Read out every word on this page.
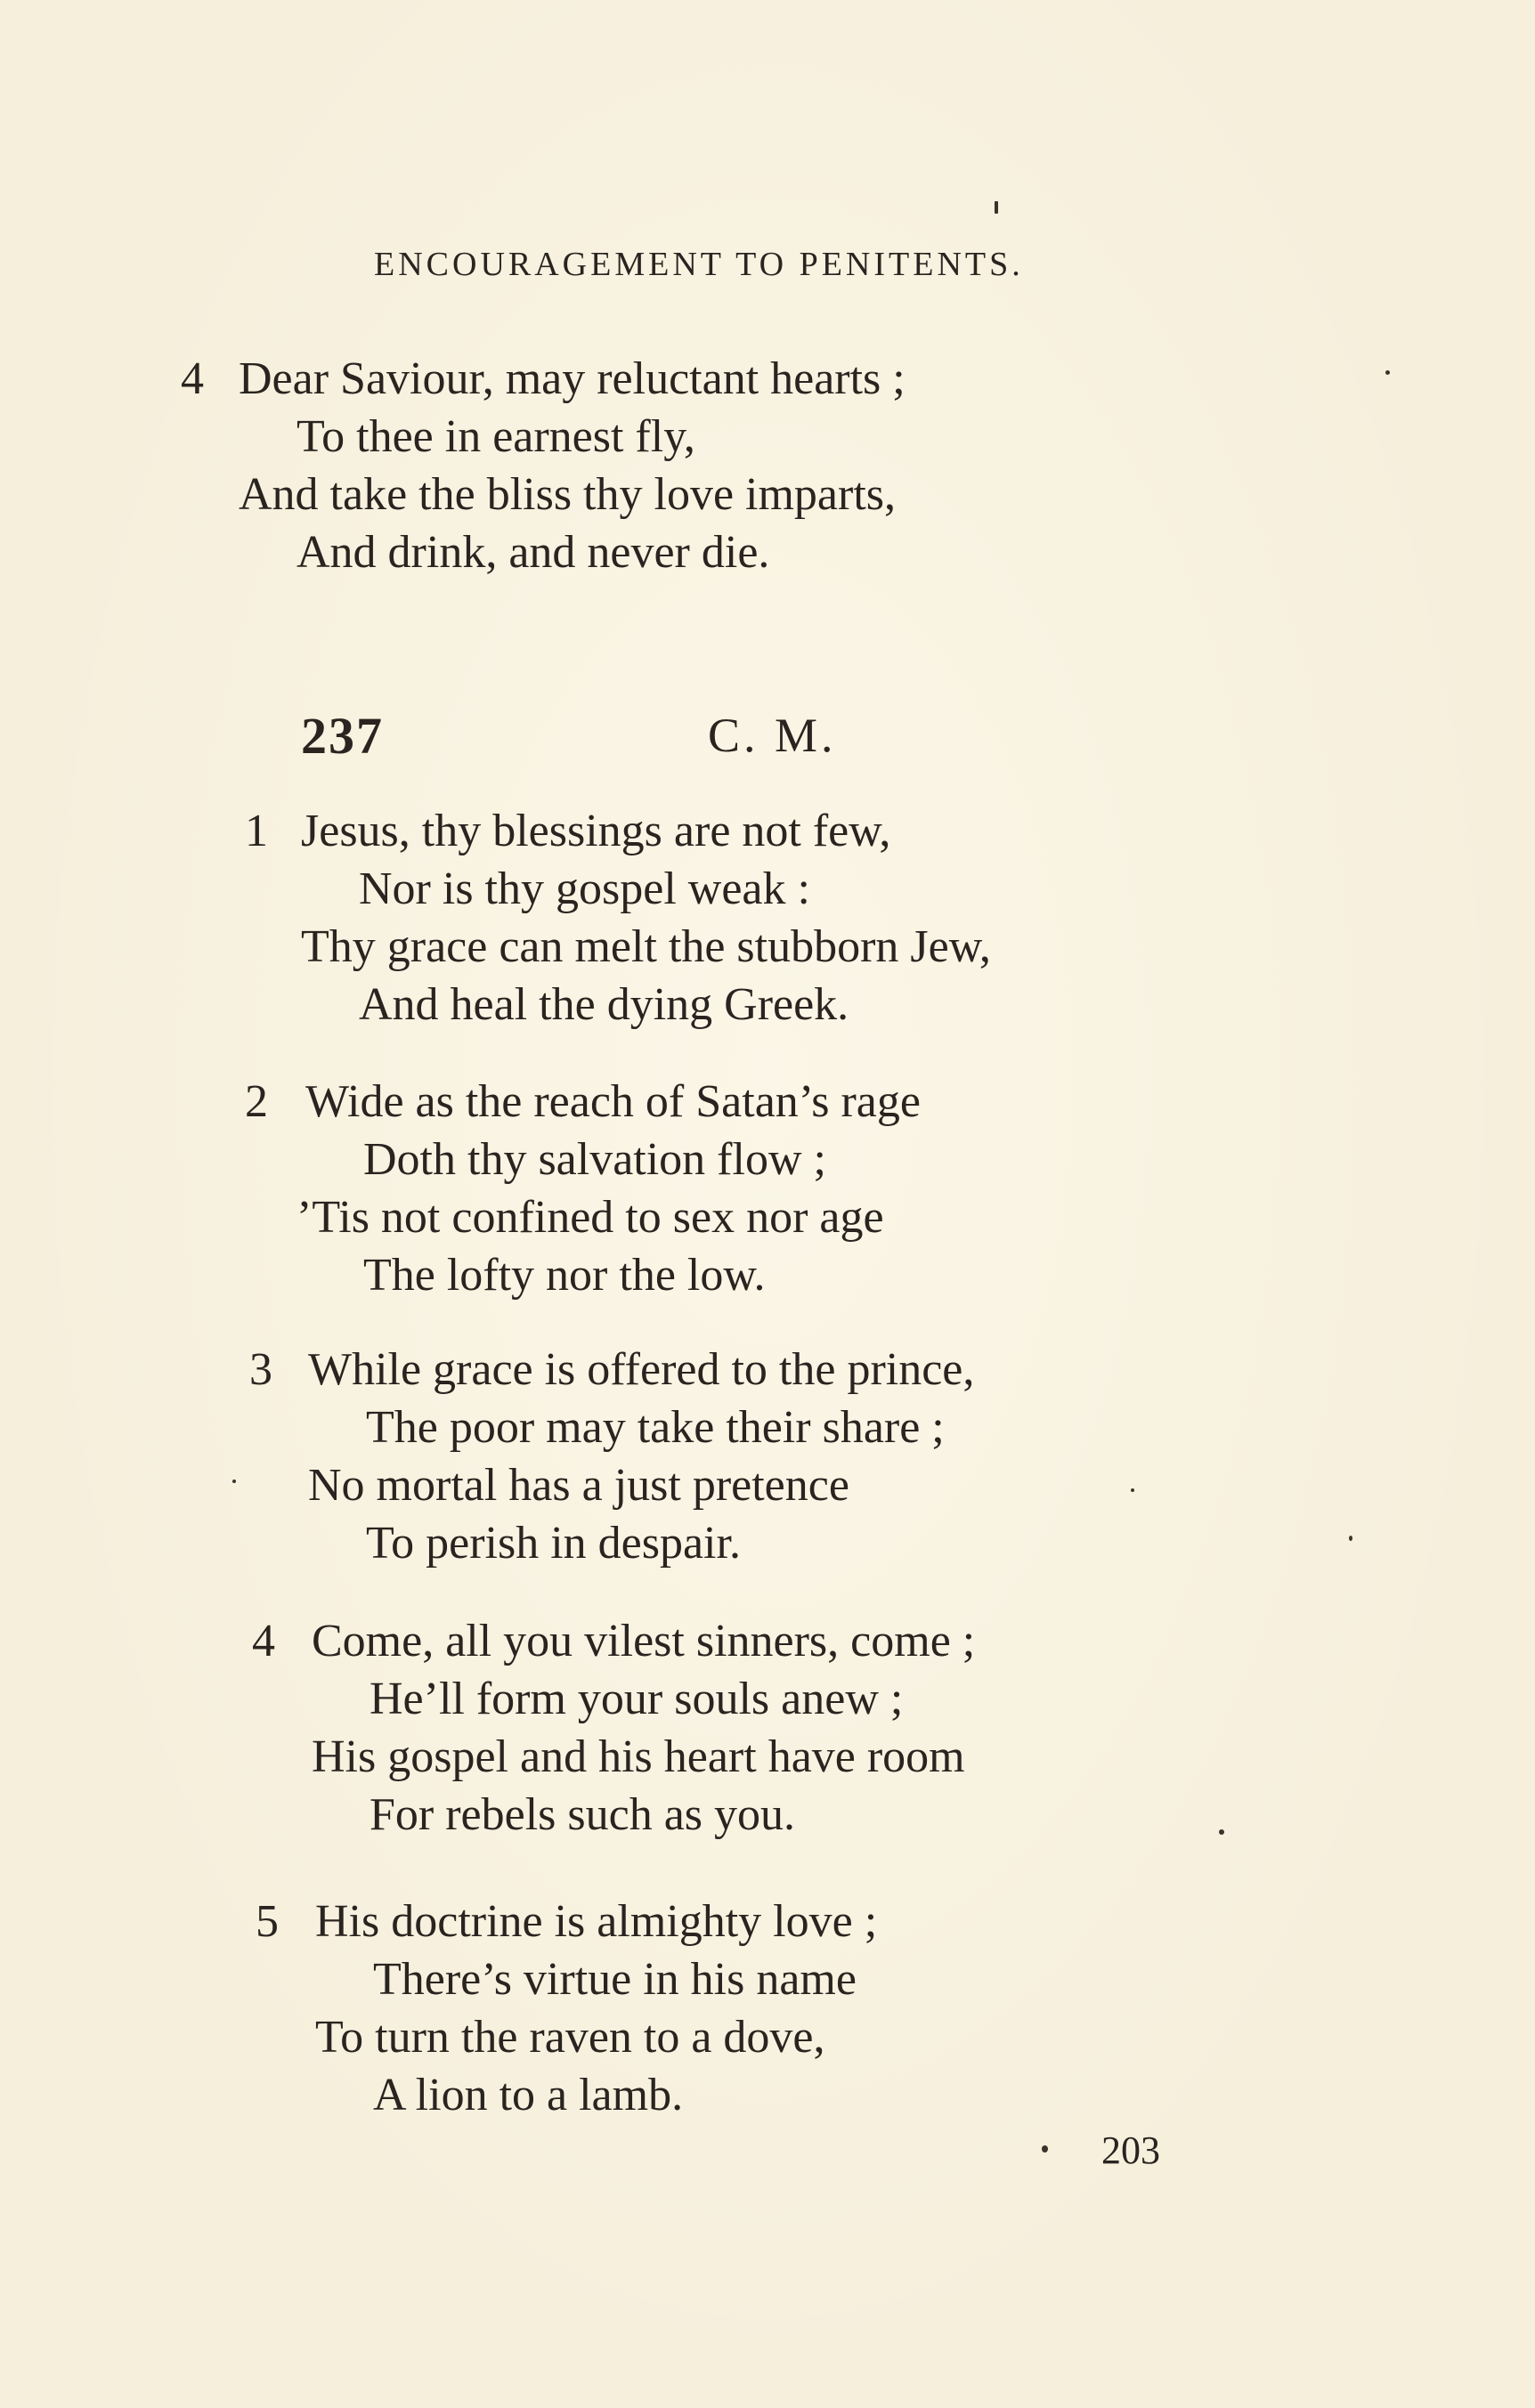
ENCOURAGEMENT TO PENITENTS.
4 Dear Saviour, may reluctant hearts ;
To thee in earnest fly,
And take the bliss thy love imparts,
And drink, and never die.
237	C. M.
1 Jesus, thy blessings are not few,
Nor is thy gospel weak :
Thy grace can melt the stubborn Jew,
And heal the dying Greek.
2 Wide as the reach of Satan’s rage
Doth thy salvation flow ;
’Tis not confined to sex nor age
The lofty nor the low.
3 While grace is offered to the prince,
The poor may take their share ;
No mortal has a just pretence
To perish in despair.
4 Come, all you vilest sinners, come ;
He’ll form your souls anew ;
His gospel and his heart have room
For rebels such as you.
5 His doctrine is almighty love ;
There’s virtue in his name
To turn the raven to a dove,
A lion to a lamb.
203
